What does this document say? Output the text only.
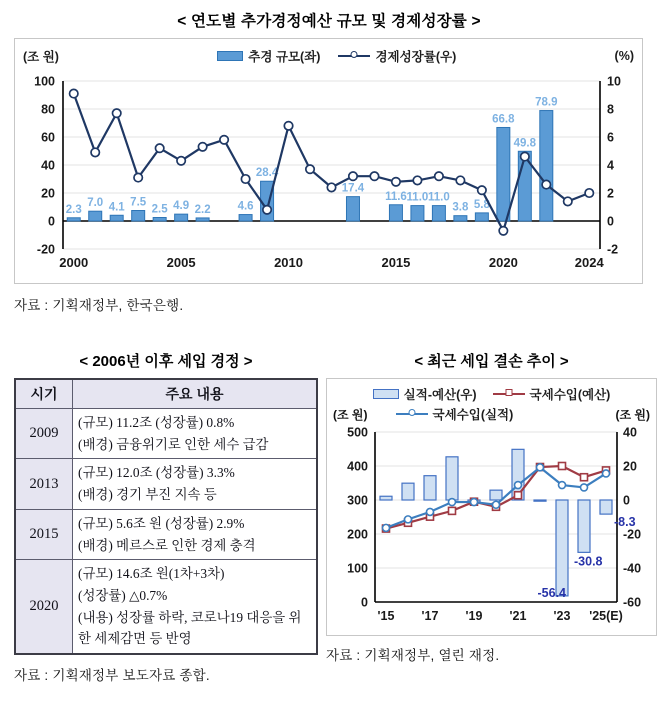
< 연도별 추가경정예산 규모 및 경제성장률 >
(조 원)	추경 규모(좌)	경제성장률(우)	(%)
100
80
60
40
20
0
-20
10
8
6
4
2
0
-2
2000	2005	2010	2015	2020	2024
2.3
7.0 4.1 7.5
2.5 4.9 2.2 4.6
28.4
17.4
11.6 11.0 11.0
3.8 5.8
66.8
49.8
78.9
자료 : 기획재정부, 한국은행.
< 2006년 이후 세입 경정 >
시기	주요 내용
2009	(규모) 11.2조 (성장률) 0.8%
(배경) 금융위기로 인한 세수 급감

2013	(규모) 12.0조 (성장률) 3.3%
(배경) 경기 부진 지속 등

2015	(규모) 5.6조 원 (성장률) 2.9%
(배경) 메르스로 인한 경제 충격

2020	(규모) 14.6조 원(1차+3차)
(성장률) △0.7%
(내용) 성장률 하락, 코로나19 대응을 위한 세제감면 등 반영
자료 : 기획재정부 보도자료 종합.
< 최근 세입 결손 추이 >
실적-예산(우)	국세수입(예산)
(조 원)	국세수입(실적)	(조 원)
500
400
300
200
100
0
40
20
0
-20
-40
-60
'15 '17 '19 '21 '23 '25(E)
-56.4
-30.8
-8.3
자료 : 기획재정부, 열린 재정.
